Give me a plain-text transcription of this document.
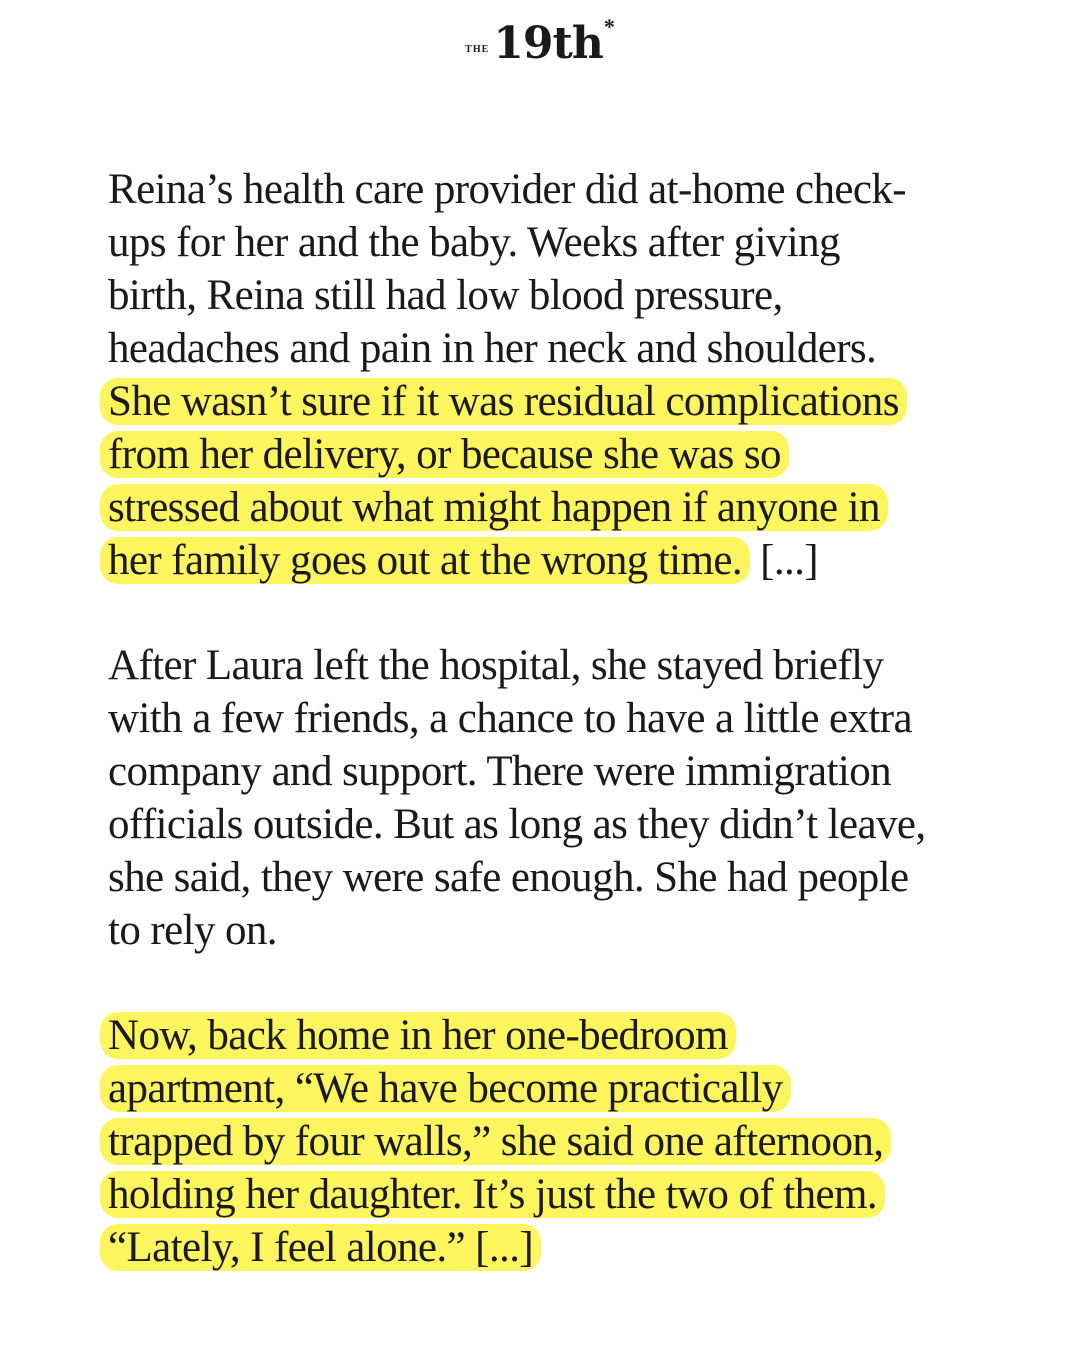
THE 19th *

Reina’s health care provider did at-home check-
ups for her and the baby. Weeks after giving
birth, Reina still had low blood pressure,
headaches and pain in her neck and shoulders.
She wasn’t sure if it was residual complications
from her delivery, or because she was so
stressed about what might happen if anyone in
her family goes out at the wrong time. [...]

After Laura left the hospital, she stayed briefly
with a few friends, a chance to have a little extra
company and support. There were immigration
officials outside. But as long as they didn’t leave,
she said, they were safe enough. She had people
to rely on.

Now, back home in her one-bedroom
apartment, “We have become practically
trapped by four walls,” she said one afternoon,
holding her daughter. It’s just the two of them.
“Lately, I feel alone.” [...]
